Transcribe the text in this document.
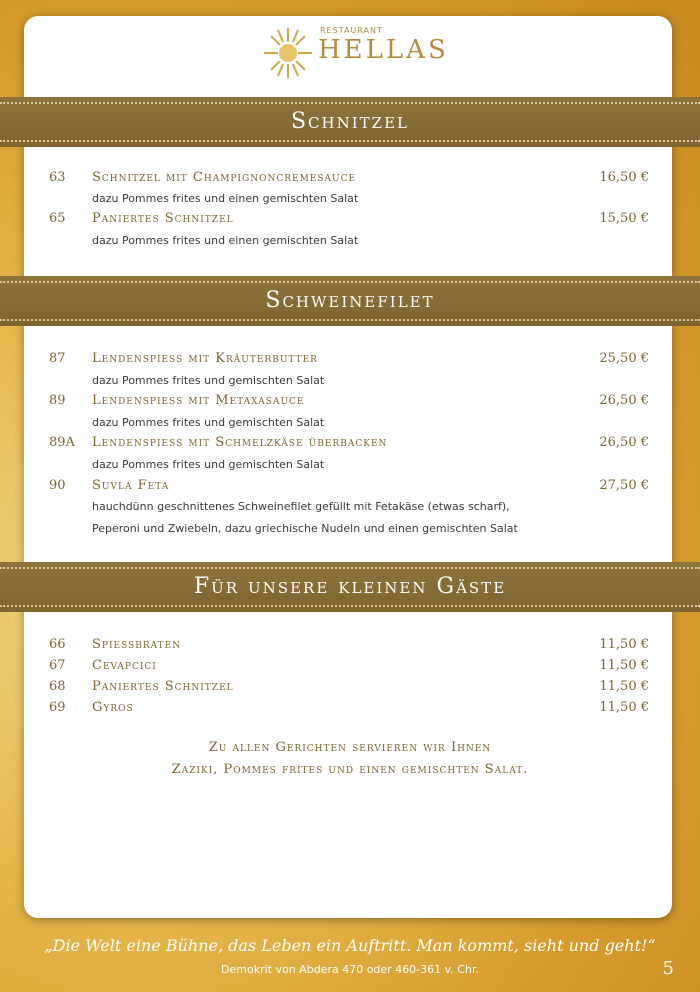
RESTAURANT
HELLAS
Schnitzel
63 Schnitzel mit Champignoncremesauce	16,50 €
dazu Pommes frites und einen gemischten Salat
65 Paniertes Schnitzel	15,50 €
dazu Pommes frites und einen gemischten Salat
Schweinefilet
87 Lendenspiess mit Kräuterbutter	25,50 €
dazu Pommes frites und gemischten Salat
89 Lendenspiess mit Metaxasauce	26,50 €
dazu Pommes frites und gemischten Salat
89A Lendenspiess mit Schmelzkäse überbacken	26,50 €
dazu Pommes frites und gemischten Salat
90 Suvla Feta	27,50 €
hauchdünn geschnittenes Schweinefilet gefüllt mit Fetakäse (etwas scharf),
Peperoni und Zwiebeln, dazu griechische Nudeln und einen gemischten Salat
Für unsere kleinen Gäste
66 Spiessbraten	11,50 €
67 Cevapcici	11,50 €
68 Paniertes Schnitzel	11,50 €
69 Gyros	11,50 €
Zu allen Gerichten servieren wir Ihnen
Zaziki, Pommes frites und einen gemischten Salat.
„Die Welt eine Bühne, das Leben ein Auftritt. Man kommt, sieht und geht!“
Demokrit von Abdera 470 oder 460-361 v. Chr.	5
